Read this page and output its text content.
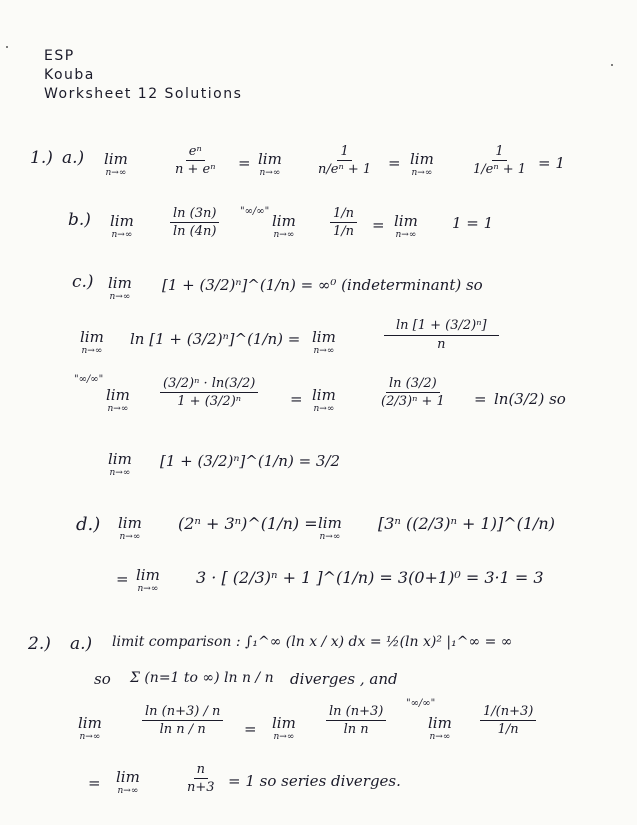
ESP
Kouba
Worksheet 12 Solutions
1.) a.) lim
n→∞	$\frac{\text{eⁿ}}{\text{n + eⁿ}} = \lim$
n→∞	$\frac{1}{\text{n/eⁿ + 1}} = \lim$
n→∞	$\frac{1}{\text{1/eⁿ + 1}} = 1$
b.) lim
n→∞	$\frac{\ln (3n)}{\ln (4n)}$ "∞/∞"
lim
n→∞	$\frac{1/n}{1/n} = \lim$
n→∞
1 = 1
c.) lim
n→∞
[1 + (3/2)ⁿ]^(1/n) = ∞⁰ (indeterminant) so
lim
n→∞
ln [1 + (3/2)ⁿ]^(1/n) = lim
n→∞	$\frac{\text{ln [1 + (3/2)ⁿ]}}{n}$
"∞/∞"
lim
$n\to\infty \frac{\text{(3/2)ⁿ · ln(3/2)}}{\text{1 + (3/2)ⁿ}} = \lim$
n→∞	$\frac{\ln (3/2)}{\text{(2/3)ⁿ + 1}} = \ln(3/2)$ so
lim
n→∞
[1 + (3/2)ⁿ]^(1/n) = 3/2
d.) lim
n→∞
(2ⁿ + 3ⁿ)^(1/n) = lim
n→∞
[3ⁿ ((2/3)ⁿ + 1)]^(1/n)
= lim
n→∞
3 · [ (2/3)ⁿ + 1 ]^(1/n) = 3(0+1)⁰ = 3·1 = 3
2.) a.) limit comparison : ∫₁^∞ (ln x / x) dx = ½(ln x)² |₁^∞ = ∞
so Σ (n=1 to ∞) ln n / n diverges , and
lim
n→∞	$\frac{\ln (n+3) / n}{\text{ln n / n}} = \lim$
$n\to\infty \frac{\ln (n+3)}{\text{ln n}}$
"∞/∞"
lim
$n\to\infty \frac{1/(n+3)}{1/n}$
= lim
n→∞	$\frac{n}{n+3} = 1$ so series diverges.
